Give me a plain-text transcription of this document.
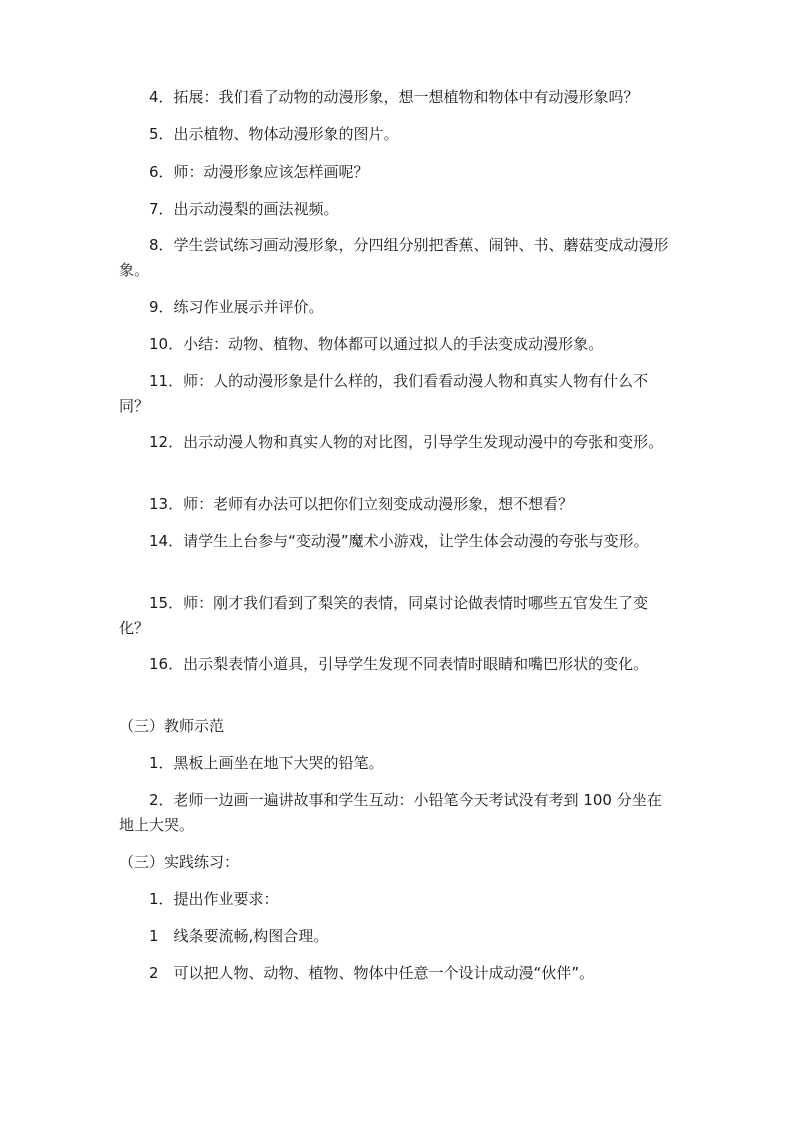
4．拓展：我们看了动物的动漫形象，想一想植物和物体中有动漫形象吗？

5．出示植物、物体动漫形象的图片。

6．师：动漫形象应该怎样画呢？

7．出示动漫梨的画法视频。

8．学生尝试练习画动漫形象，分四组分别把香蕉、闹钟、书、蘑菇变成动漫形象。

9．练习作业展示并评价。

10．小结：动物、植物、物体都可以通过拟人的手法变成动漫形象。

11．师：人的动漫形象是什么样的，我们看看动漫人物和真实人物有什么不同？

12．出示动漫人物和真实人物的对比图，引导学生发现动漫中的夸张和变形。

13．师：老师有办法可以把你们立刻变成动漫形象，想不想看？

14．请学生上台参与“变动漫”魔术小游戏，让学生体会动漫的夸张与变形。

15．师：刚才我们看到了梨笑的表情，同桌讨论做表情时哪些五官发生了变化？

16．出示梨表情小道具，引导学生发现不同表情时眼睛和嘴巴形状的变化。

（三）教师示范

1．黑板上画坐在地下大哭的铅笔。

2．老师一边画一遍讲故事和学生互动：小铅笔今天考试没有考到 100 分坐在地上大哭。

（三）实践练习：

1．提出作业要求：

1　线条要流畅,构图合理。

2　可以把人物、动物、植物、物体中任意一个设计成动漫“伙伴”。
